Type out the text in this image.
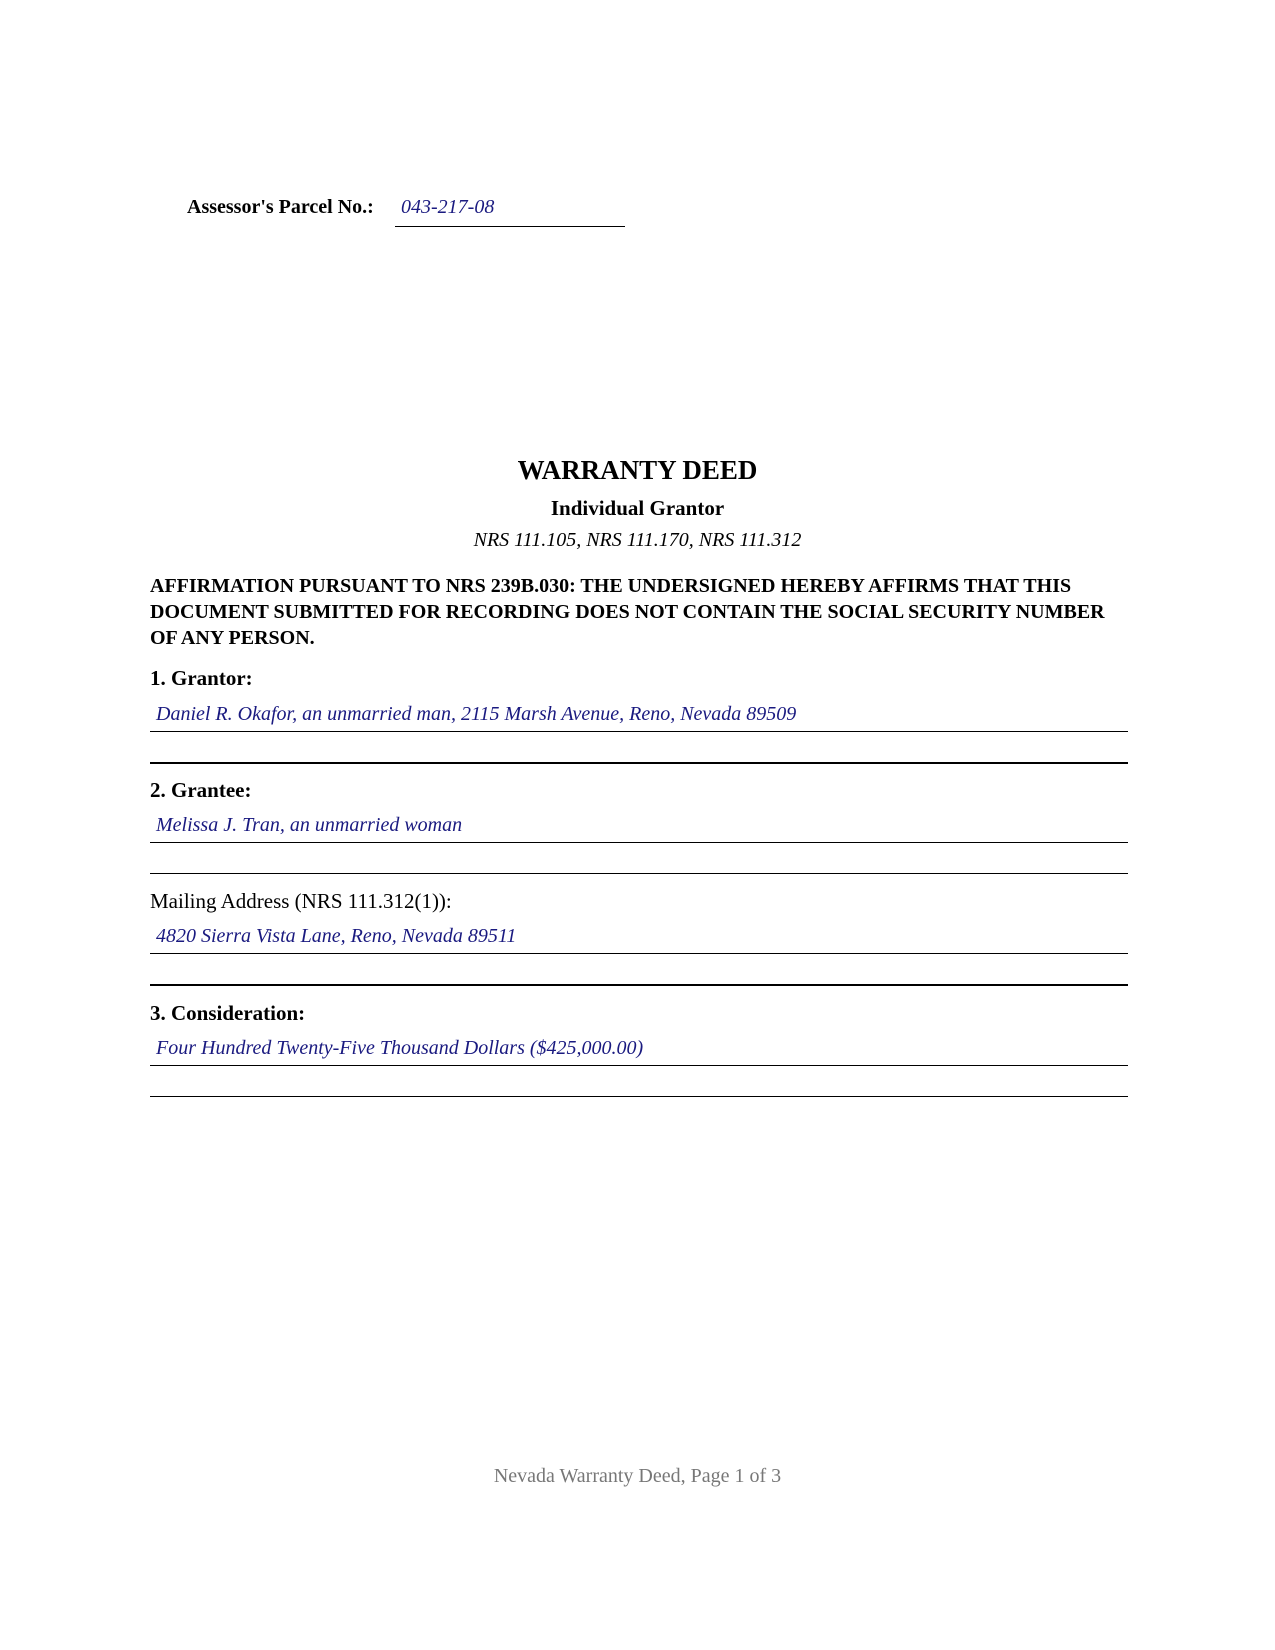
Assessor's Parcel No.:	043-217-08
WARRANTY DEED
Individual Grantor
NRS 111.105, NRS 111.170, NRS 111.312
AFFIRMATION PURSUANT TO NRS 239B.030: THE UNDERSIGNED HEREBY AFFIRMS THAT THIS DOCUMENT SUBMITTED FOR RECORDING DOES NOT CONTAIN THE SOCIAL SECURITY NUMBER OF ANY PERSON.
1. Grantor:
Daniel R. Okafor, an unmarried man, 2115 Marsh Avenue, Reno, Nevada 89509
2. Grantee:
Melissa J. Tran, an unmarried woman
Mailing Address (NRS 111.312(1)):
4820 Sierra Vista Lane, Reno, Nevada 89511
3. Consideration:
Four Hundred Twenty-Five Thousand Dollars ($425,000.00)
Nevada Warranty Deed, Page 1 of 3
